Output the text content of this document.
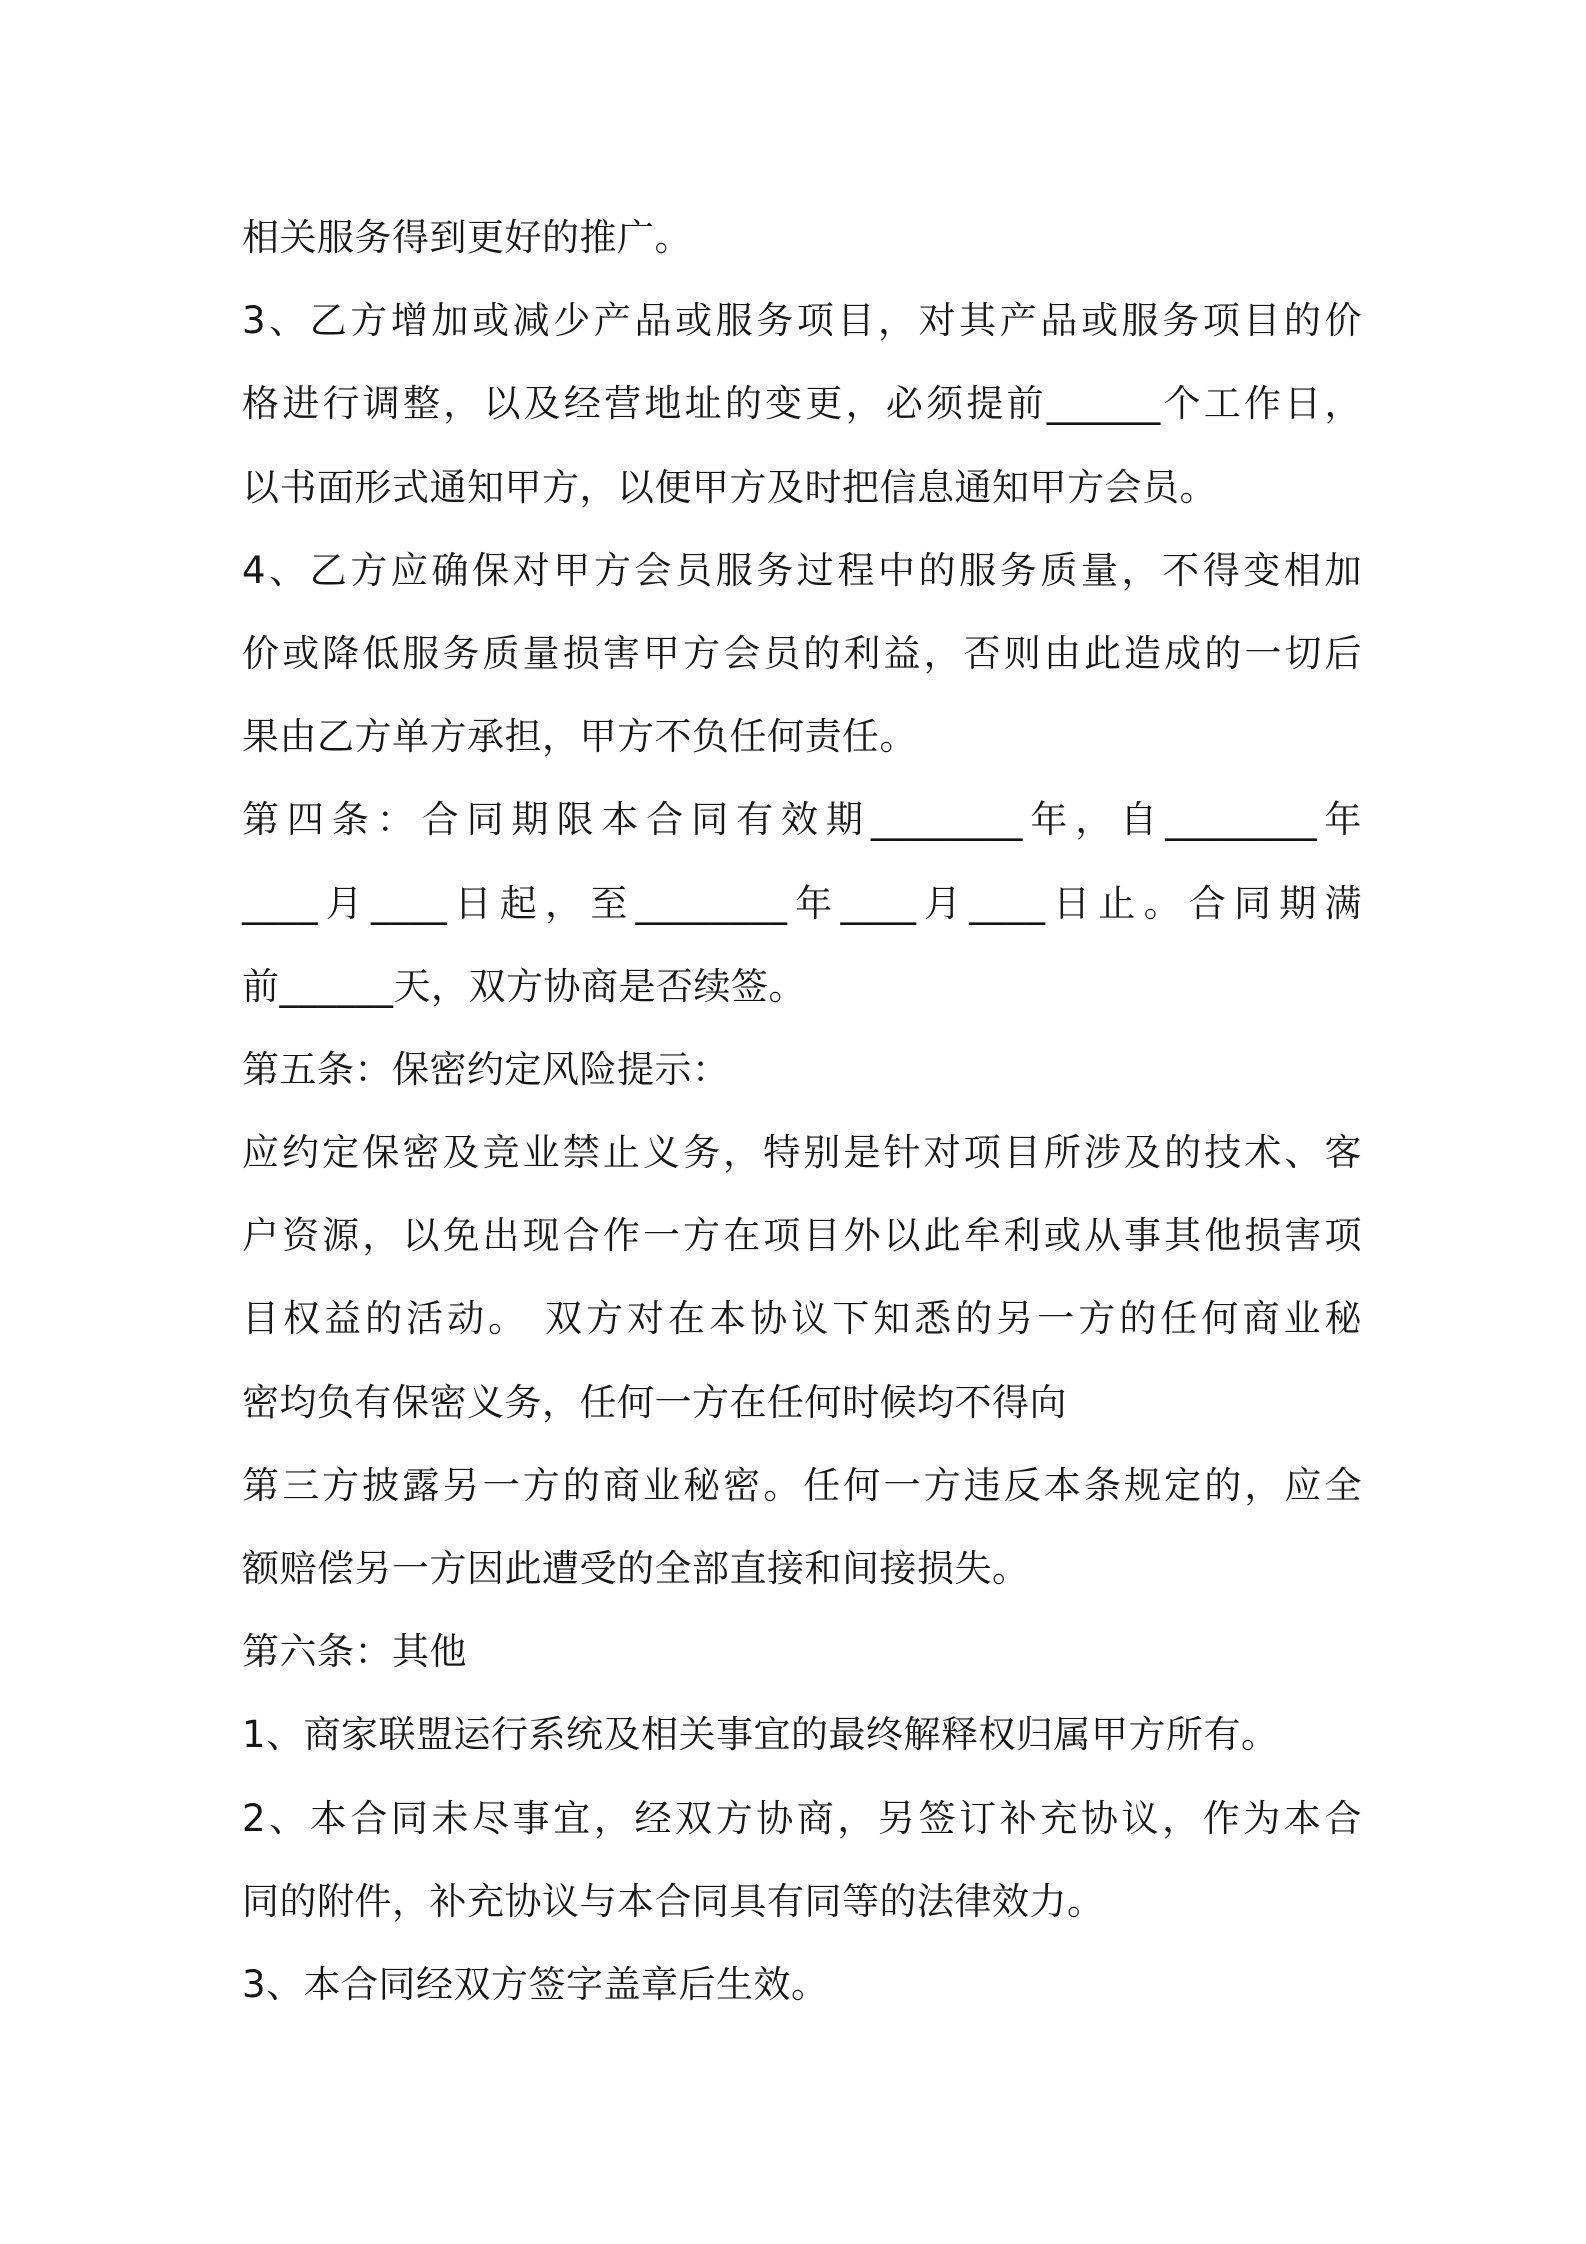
相关服务得到更好的推广。
3、乙方增加或减少产品或服务项目，对其产品或服务项目的价
格进行调整，以及经营地址的变更，必须提前______个工作日，
以书面形式通知甲方，以便甲方及时把信息通知甲方会员。
4、乙方应确保对甲方会员服务过程中的服务质量，不得变相加
价或降低服务质量损害甲方会员的利益，否则由此造成的一切后
果由乙方单方承担，甲方不负任何责任。
第四条：合同期限本合同有效期________年，自________年
____月____日起，至________年____月____日止。合同期满
前______天，双方协商是否续签。
第五条：保密约定风险提示：
应约定保密及竞业禁止义务，特别是针对项目所涉及的技术、客
户资源，以免出现合作一方在项目外以此牟利或从事其他损害项
目权益的活动。 双方对在本协议下知悉的另一方的任何商业秘
密均负有保密义务，任何一方在任何时候均不得向
第三方披露另一方的商业秘密。任何一方违反本条规定的，应全
额赔偿另一方因此遭受的全部直接和间接损失。
第六条：其他
1、商家联盟运行系统及相关事宜的最终解释权归属甲方所有。
2、本合同未尽事宜，经双方协商，另签订补充协议，作为本合
同的附件，补充协议与本合同具有同等的法律效力。
3、本合同经双方签字盖章后生效。
